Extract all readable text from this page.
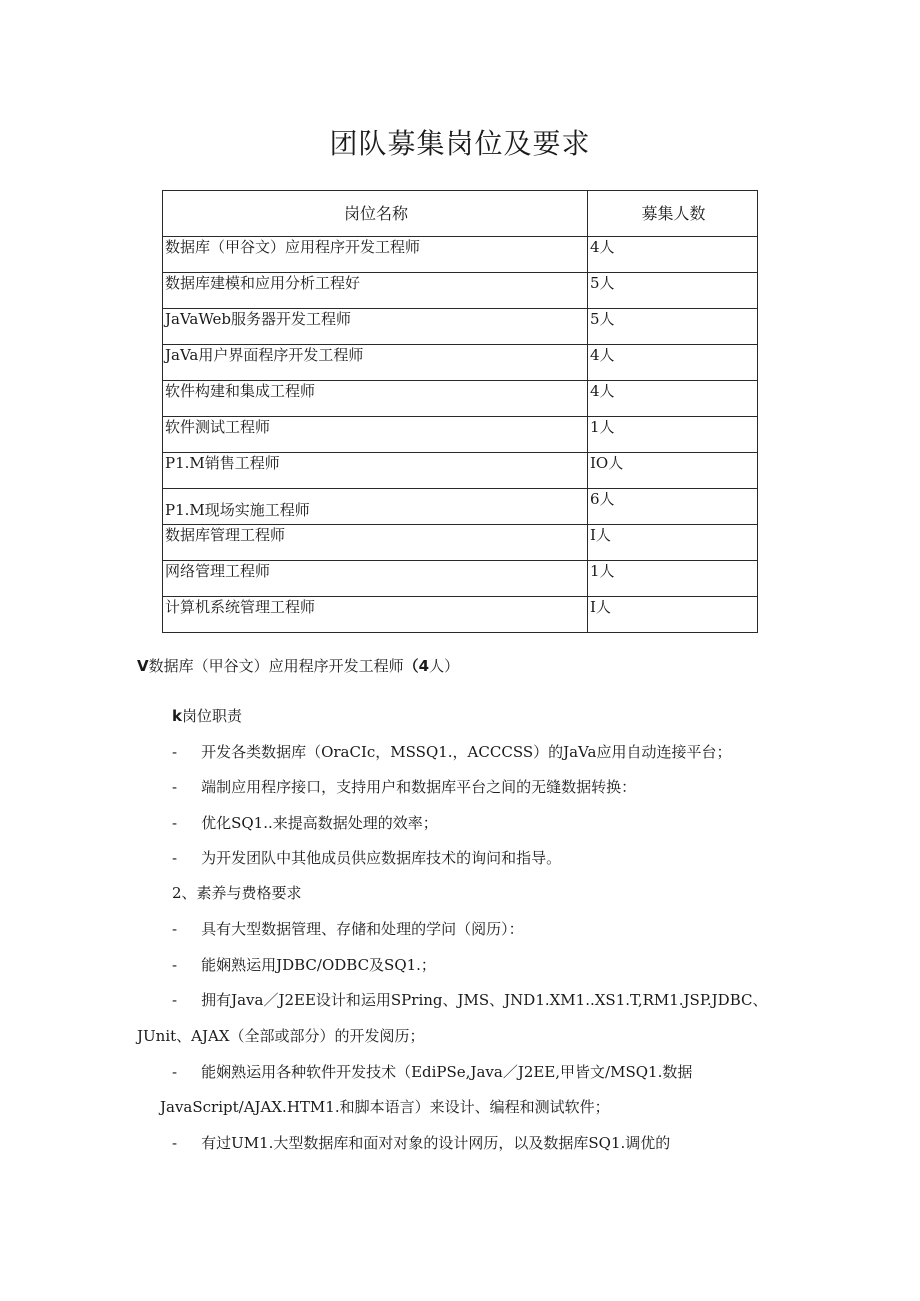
团队募集岗位及要求
岗位名称	募集人数
数据库（甲谷文）应用程序开发工程师	4人
数据库建模和应用分析工程好	5人
JaVaWeb服务器开发工程师	5人
JaVa用户界面程序开发工程师	4人
软件构建和集成工程师	4人
软件测试工程师	1人
P1.M销售工程师	IO人
P1.M现场实施工程师	6人
数据库管理工程师	I人
网络管理工程师	1人
计算机系统管理工程师	I人
V数据库（甲谷文）应用程序开发工程师（4人）
k岗位职责
- 开发各类数据库（OraCIc，MSSQ1.，ACCCSS）的JaVa应用自动连接平台；
- 端制应用程序接口，支持用户和数据库平台之间的无缝数据转换：
- 优化SQ1..来提高数据处理的效率；
- 为开发团队中其他成员供应数据库技术的询问和指导。
2、素养与费格要求
- 具有大型数据管理、存储和处理的学问（阅历）：
- 能娴熟运用JDBC/ODBC及SQ1.；
- 拥有Java／J2EE设计和运用SPring、JMS、JND1.XM1..XS1.T,RM1.JSP.JDBC、
JUnit、AJAX（全部或部分）的开发阅历；
- 能娴熟运用各种软件开发技术（EdiPSe,Java／J2EE,甲皆文/MSQ1.数据
JavaScript/AJAX.HTM1.和脚本语言）来设计、编程和测试软件；
- 有过UM1.大型数据库和面对对象的设计网历，以及数据库SQ1.调优的
